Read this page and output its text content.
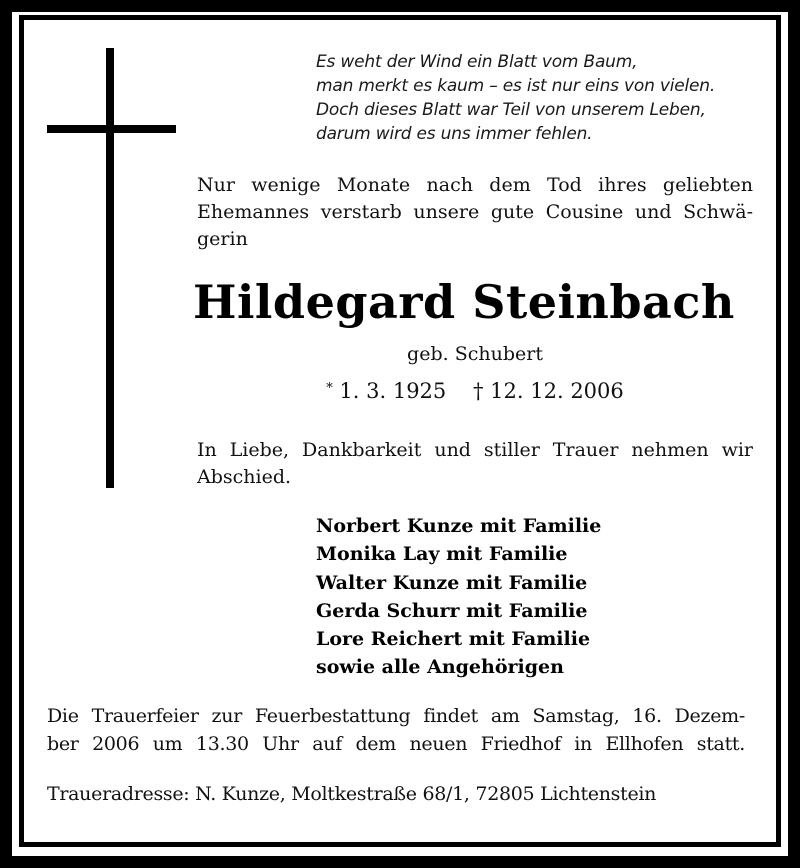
Es weht der Wind ein Blatt vom Baum,
man merkt es kaum – es ist nur eins von vielen.
Doch dieses Blatt war Teil von unserem Leben,
darum wird es uns immer fehlen.
Nur wenige Monate nach dem Tod ihres geliebten
Ehemannes verstarb unsere gute Cousine und Schwä-
gerin
Hildegard Steinbach
geb. Schubert
* 1. 3. 1925 † 12. 12. 2006
In Liebe, Dankbarkeit und stiller Trauer nehmen wir
Abschied.
Norbert Kunze mit Familie
Monika Lay mit Familie
Walter Kunze mit Familie
Gerda Schurr mit Familie
Lore Reichert mit Familie
sowie alle Angehörigen
Die Trauerfeier zur Feuerbestattung findet am Samstag, 16. Dezem-
ber 2006 um 13.30 Uhr auf dem neuen Friedhof in Ellhofen statt.
Traueradresse: N. Kunze, Moltkestraße 68/1, 72805 Lichtenstein
